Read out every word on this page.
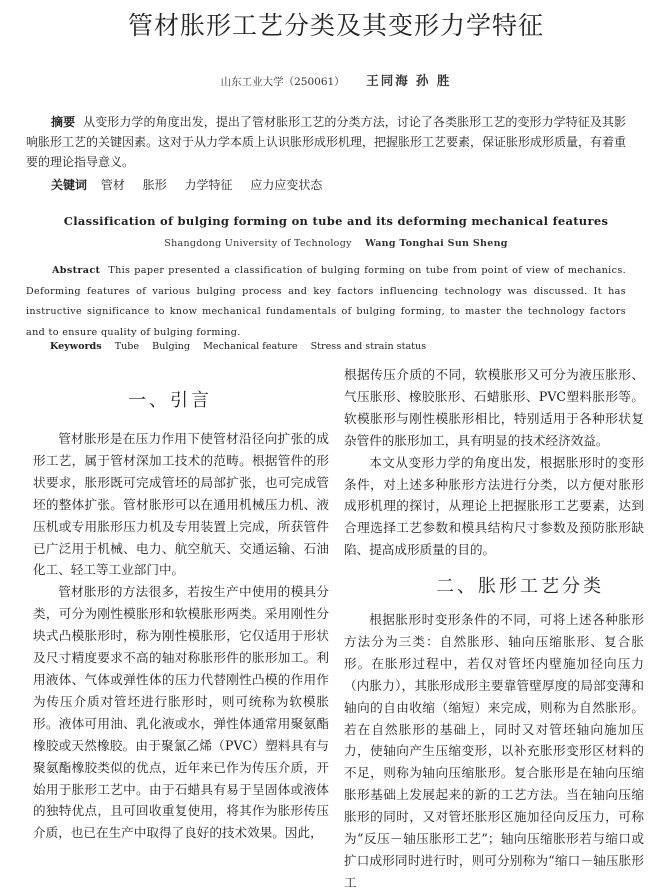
管材胀形工艺分类及其变形力学特征
山东工业大学（250061） 王同海 孙 胜
摘要 从变形力学的角度出发，提出了管材胀形工艺的分类方法，讨论了各类胀形工艺的变形力学特征及其影响胀形工艺的关键因素。这对于从力学本质上认识胀形成形机理，把握胀形工艺要素，保证胀形成形质量，有着重要的理论指导意义。
关键词 管材 胀形 力学特征 应力应变状态
Classification of bulging forming on tube and its deforming mechanical features
Shangdong University of Technology Wang Tonghai Sun Sheng
Abstract This paper presented a classification of bulging forming on tube from point of view of mechanics. Deforming features of various bulging process and key factors influencing technology was discussed. It has instructive significance to know mechanical fundamentals of bulging forming, to master the technology factors and to ensure quality of bulging forming.
Keywords Tube Bulging Mechanical feature Stress and strain status
一、引言

管材胀形是在压力作用下使管材沿径向扩张的成形工艺，属于管材深加工技术的范畴。根据管件的形状要求，胀形既可完成管坯的局部扩张，也可完成管坯的整体扩张。管材胀形可以在通用机械压力机、液压机或专用胀形压力机及专用装置上完成，所获管件已广泛用于机械、电力、航空航天、交通运输、石油化工、轻工等工业部门中。

管材胀形的方法很多，若按生产中使用的模具分类，可分为刚性模胀形和软模胀形两类。采用刚性分块式凸模胀形时，称为刚性模胀形，它仅适用于形状及尺寸精度要求不高的轴对称胀形件的胀形加工。利用液体、气体或弹性体的压力代替刚性凸模的作用作为传压介质对管坯进行胀形时，则可统称为软模胀形。液体可用油、乳化液或水，弹性体通常用聚氨酯橡胶或天然橡胶。由于聚氯乙烯（PVC）塑料具有与聚氨酯橡胶类似的优点，近年来已作为传压介质，开始用于胀形工艺中。由于石蜡具有易于呈固体或液体的独特优点，且可回收重复使用，将其作为胀形传压介质，也已在生产中取得了良好的技术效果。因此，

根据传压介质的不同，软模胀形又可分为液压胀形、气压胀形、橡胶胀形、石蜡胀形、PVC塑料胀形等。软模胀形与刚性模胀形相比，特别适用于各种形状复杂管件的胀形加工，具有明显的技术经济效益。

本文从变形力学的角度出发，根据胀形时的变形条件，对上述多种胀形方法进行分类，以方便对胀形成形机理的探讨，从理论上把握胀形工艺要素，达到合理选择工艺参数和模具结构尺寸参数及预防胀形缺陷、提高成形质量的目的。

二、胀形工艺分类

根据胀形时变形条件的不同，可将上述各种胀形方法分为三类：自然胀形、轴向压缩胀形、复合胀形。在胀形过程中，若仅对管坯内壁施加径向压力（内胀力），其胀形成形主要靠管壁厚度的局部变薄和轴向的自由收缩（缩短）来完成，则称为自然胀形。若在自然胀形的基础上，同时又对管坯轴向施加压力，使轴向产生压缩变形，以补充胀形变形区材料的不足，则称为轴向压缩胀形。复合胀形是在轴向压缩胀形基础上发展起来的新的工艺方法。当在轴向压缩胀形的同时，又对管坯胀形区施加径向反压力，可称为“反压－轴压胀形工艺”；轴向压缩胀形若与缩口或扩口成形同时进行时，则可分别称为“缩口－轴压胀形工
